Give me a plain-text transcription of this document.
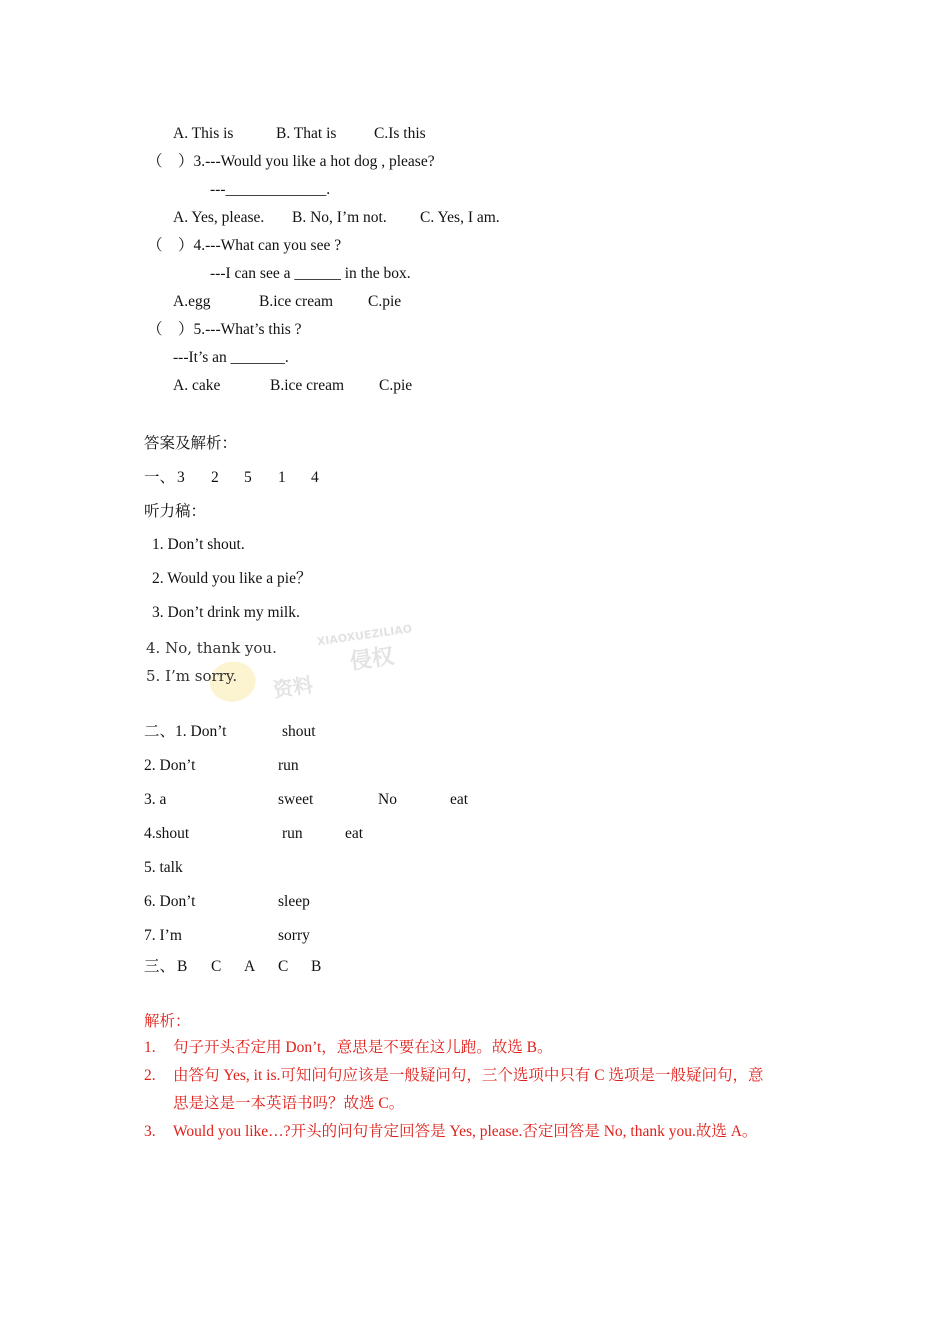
A. This is	B. That is C.Is this
（    ）3.---Would you like a hot dog , please?
---_____________.
A. Yes, please. B. No, I’m not. C. Yes, I am.
（    ）4.---What can you see ?
---I can see a ______ in the box.
A.egg	B.ice cream C.pie
（    ）5.---What’s this ?
---It’s an _______.
A. cake	B.ice cream C.pie
答案及解析：
一、 3 2 5 1 4
听力稿：
1. Don’t shout.
2. Would you like a pie？
3. Don’t drink my milk.
XIAOXUEZILIAO
侵权
资料
4. No, thank you.
5. I’m sorry.
二、1. Don’t	shout
2. Don’t	run
3. a	sweet	No	eat
4.shout	run	eat
5. talk
6. Don’t	sleep
7. I’m	sorry
三、 B C A C B
解析：
1. 句子开头否定用 Don’t，意思是不要在这儿跑。故选 B。
2. 由答句 Yes, it is.可知问句应该是一般疑问句，三个选项中只有 C 选项是一般疑问句，意
思是这是一本英语书吗？故选 C。
3. Would you like…?开头的问句肯定回答是 Yes, please.否定回答是 No, thank you.故选 A。
